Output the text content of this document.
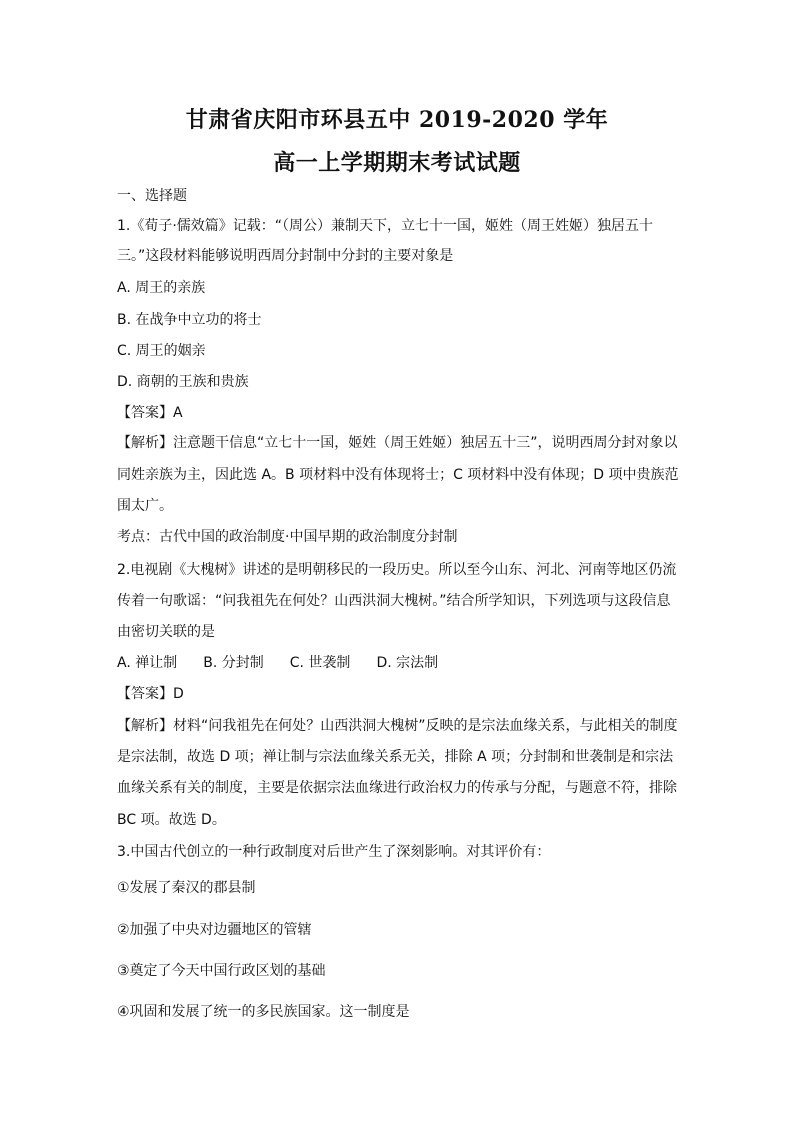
甘肃省庆阳市环县五中 2019-2020 学年
高一上学期期末考试试题
一、选择题
1.《荀子·儒效篇》记载：“（周公）兼制天下，立七十一国，姬姓（周王姓姬）独居五十
三。”这段材料能够说明西周分封制中分封的主要对象是
A. 周王的亲族
B. 在战争中立功的将士
C. 周王的姻亲
D. 商朝的王族和贵族
【答案】A
【解析】注意题干信息“立七十一国，姬姓（周王姓姬）独居五十三”，说明西周分封对象以
同姓亲族为主，因此选 A。B 项材料中没有体现将士；C 项材料中没有体现；D 项中贵族范
围太广。
考点：古代中国的政治制度·中国早期的政治制度分封制
2.电视剧《大槐树》讲述的是明朝移民的一段历史。所以至今山东、河北、河南等地区仍流
传着一句歌谣：“问我祖先在何处？山西洪洞大槐树。”结合所学知识，下列选项与这段信息
由密切关联的是
A. 禅让制 B. 分封制 C. 世袭制 D. 宗法制
【答案】D
【解析】材料“问我祖先在何处？山西洪洞大槐树”反映的是宗法血缘关系，与此相关的制度
是宗法制，故选 D 项；禅让制与宗法血缘关系无关，排除 A 项；分封制和世袭制是和宗法
血缘关系有关的制度，主要是依据宗法血缘进行政治权力的传承与分配，与题意不符，排除
BC 项。故选 D。
3.中国古代创立的一种行政制度对后世产生了深刻影响。对其评价有：
①发展了秦汉的郡县制
②加强了中央对边疆地区的管辖
③奠定了今天中国行政区划的基础
④巩固和发展了统一的多民族国家。这一制度是
